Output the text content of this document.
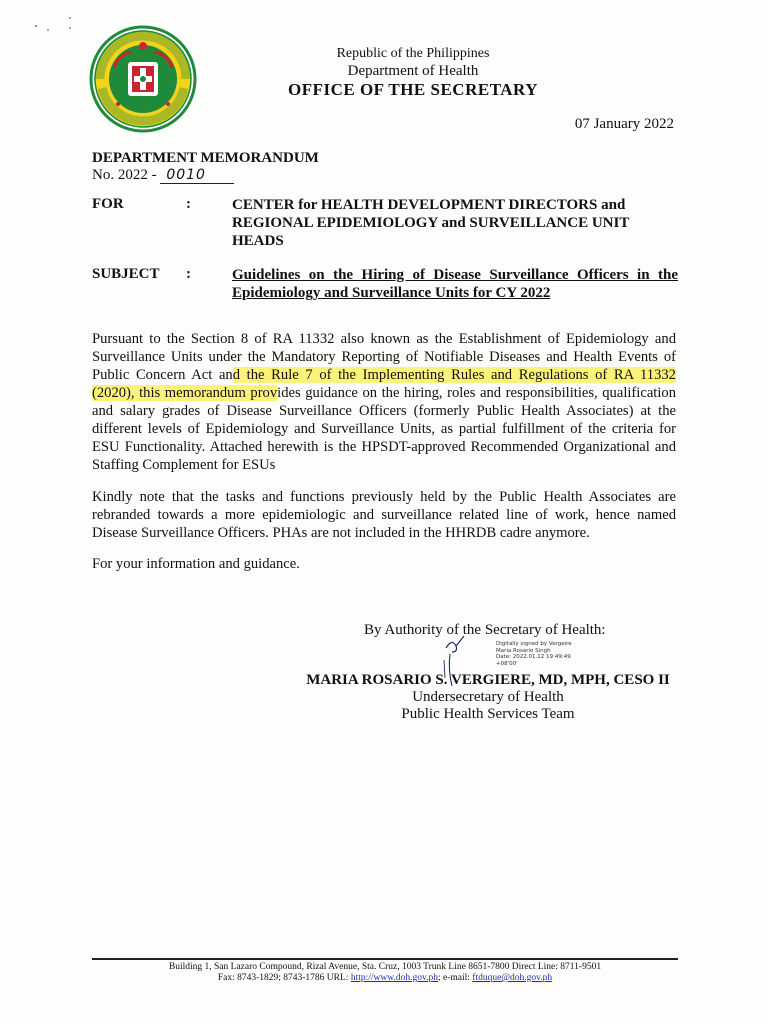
Republic of the Philippines
Department of Health
OFFICE OF THE SECRETARY
07 January 2022
DEPARTMENT MEMORANDUM
No. 2022 - 0010
FOR	:	CENTER for HEALTH DEVELOPMENT DIRECTORS and REGIONAL EPIDEMIOLOGY and SURVEILLANCE UNIT HEADS
SUBJECT :	Guidelines on the Hiring of Disease Surveillance Officers in the Epidemiology and Surveillance Units for CY 2022
Pursuant to the Section 8 of RA 11332 also known as the Establishment of Epidemiology and Surveillance Units under the Mandatory Reporting of Notifiable Diseases and Health Events of Public Concern Act and the Rule 7 of the Implementing Rules and Regulations of RA 11332 (2020), this memorandum provides guidance on the hiring, roles and responsibilities, qualification and salary grades of Disease Surveillance Officers (formerly Public Health Associates) at the different levels of Epidemiology and Surveillance Units, as partial fulfillment of the criteria for ESU Functionality. Attached herewith is the HPSDT-approved Recommended Organizational and Staffing Complement for ESUs
Kindly note that the tasks and functions previously held by the Public Health Associates are rebranded towards a more epidemiologic and surveillance related line of work, hence named Disease Surveillance Officers. PHAs are not included in the HHRDB cadre anymore.
For your information and guidance.
By Authority of the Secretary of Health:
Digitally signed by Vergeire
Maria Rosario Singh
Date: 2022.01.12 19:49:49
+08'00'
MARIA ROSARIO S. VERGIERE, MD, MPH, CESO II
Undersecretary of Health
Public Health Services Team
Building 1, San Lazaro Compound, Rizal Avenue, Sta. Cruz, 1003 Trunk Line 8651-7800 Direct Line: 8711-9501
Fax: 8743-1829; 8743-1786 URL: http://www.doh.gov.ph; e-mail: ftduque@doh.gov.ph
